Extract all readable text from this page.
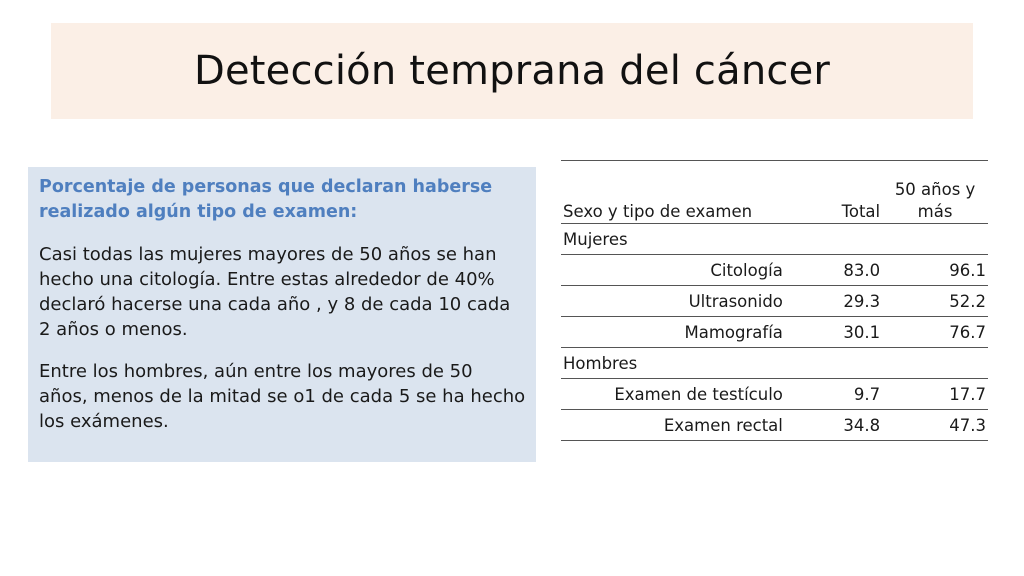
Detección temprana del cáncer
Porcentaje de personas que declaran haberse realizado algún tipo de examen:

Casi todas las mujeres mayores de 50 años se han hecho una citología. Entre estas alrededor de 40% declaró hacerse una cada año , y 8 de cada 10 cada 2 años o menos.

Entre los hombres, aún entre los mayores de 50 años, menos de la mitad se o1 de cada 5 se ha hecho los exámenes.

Sexo y tipo de examen	Total	50 años y más
Mujeres		
Citología	83.0	96.1
Ultrasonido	29.3	52.2
Mamografía	30.1	76.7
Hombres		
Examen de testículo	9.7	17.7
Examen rectal	34.8	47.3
